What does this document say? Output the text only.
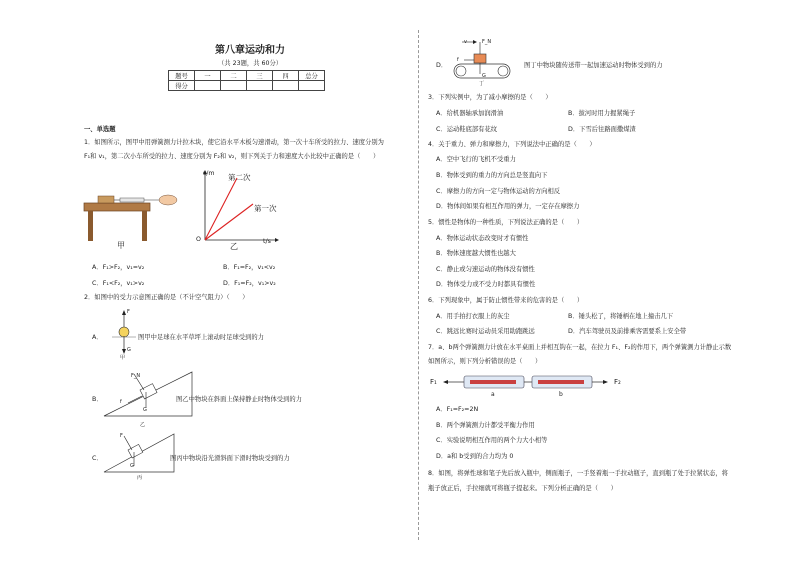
第八章运动和力
（共 23题，共 60分）
题号	一	二	三	四	总分
得分					
一、单选题
1．如图所示，图甲中用弹簧测力计拉木块，使它沿水平木板匀速滑动，第一次十车所受的拉力、速度分别为
F₁和 v₁，第二次小车所受的拉力、速度分别为 F₂和 v₂，则下列关于力和速度大小比较中正确的是（　　）
甲
s/m
t/s
O
第二次
第一次
乙
A．F₁>F₂，v₁=v₂	B．F₁=F₂，v₁<v₂
C．F₁<F₂，v₁>v₂	D．F₁=F₂，v₁>v₂
2．如图中的受力示意图正确的是（不计空气阻力）（　　）
A．
F
G
甲
图甲中足球在水平草坪上滚动时足球受到的力
B．
F_N
f
G
乙
图乙中物块在斜面上保持静止时物体受到的力
C．
F
G
丙
图丙中物块沿光滑斜面下滑时物块受到的力
D．
v	F_N
f
G
丁
图丁中物块随传送带一起加速运动时物体受到的力
3．下列实例中，为了减小摩擦的是（　　）
A．给机器轴承加润滑油	B．拔河时用力握紧绳子
C．运动鞋底部有花纹	D．下雪后往路面撒煤渣
4．关于重力、弹力和摩擦力，下列说法中正确的是（　　）
A．空中飞行的飞机不受重力
B．物体受到的重力的方向总是竖直向下
C．摩擦力的方向一定与物体运动的方向相反
D．物体间如果有相互作用的弹力，一定存在摩擦力
5．惯性是物体的一种性质，下列说法正确的是（　　）
A．物体运动状态改变时才有惯性
B．物体速度越大惯性也越大
C．静止或匀速运动的物体没有惯性
D．物体受力或不受力时都具有惯性
6．下列现象中，属于防止惯性带来的危害的是（　　）
A．用手拍打衣服上的灰尘	B．锤头松了，将锤柄在地上撞击几下
C．跳远比赛时运动员采用助跑跳远	D．汽车驾驶员及前排乘客需要系上安全带
7．a、b两个弹簧测力计放在水平桌面上并相互钩在一起，在拉力 F₁、F₂的作用下，两个弹簧测力计静止示数
如图所示，则下列分析错误的是（　　）
F₁	F₂
a	b
A．F₁=F₂=2N
B．两个弹簧测力计都受平衡力作用
C．实验说明相互作用的两个力大小相等
D．a和 b受到的合力均为 0
8．如图，将弹性球和笔子先后放入瓶中，侧面瓶子，一手竖着瓶一手拉动瓶子，直到瓶了处于拉紧状态，将
瓶子放正后，手拉细就可将瓶子提起来。下列分析正确的是（　　）
